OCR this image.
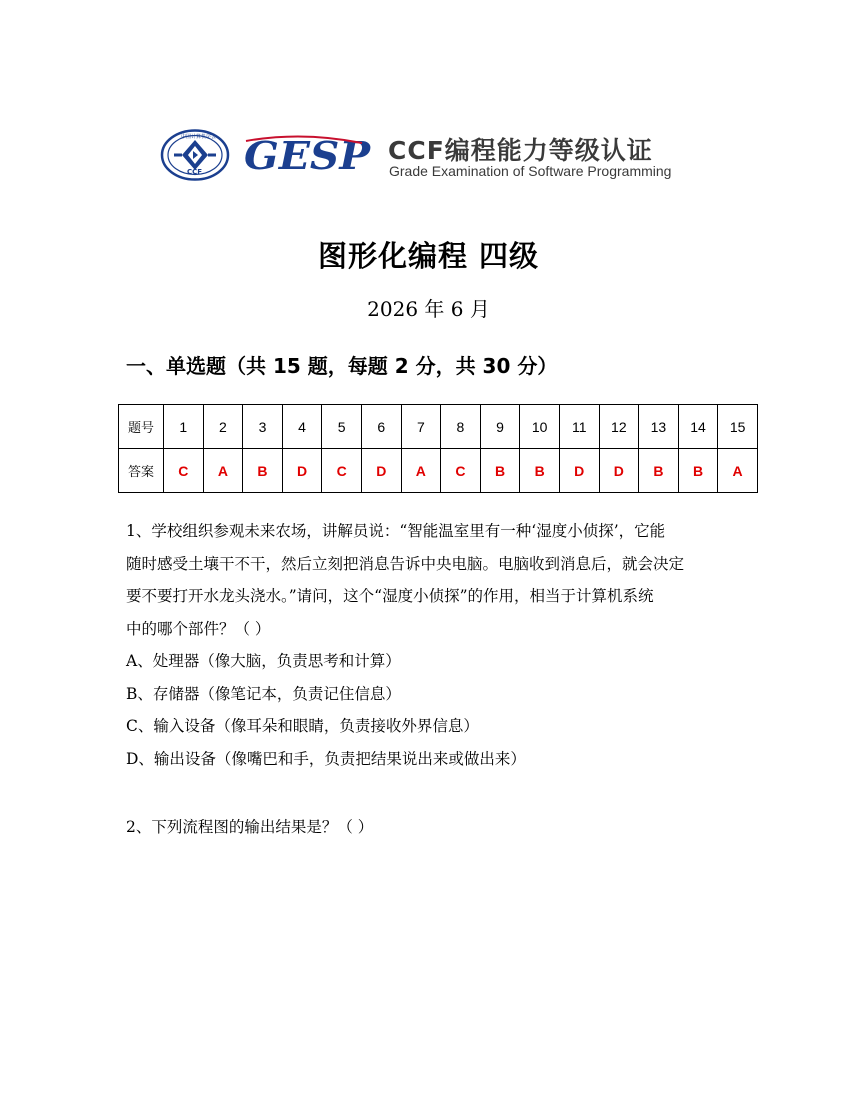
中国计算机学会
CCF GESP CCF编程能力等级认证
Grade Examination of Software Programming
图形化编程 四级
2026 年 6 月
一、单选题（共 15 题，每题 2 分，共 30 分）
题号	1	2	3	4	5	6	7	8	9	10	11	12	13	14	15
答案	C	A	B	D	C	D	A	C	B	B	D	D	B	B	A
1、学校组织参观未来农场，讲解员说：“智能温室里有一种‘湿度小侦探’，它能
随时感受土壤干不干，然后立刻把消息告诉中央电脑。电脑收到消息后，就会决定
要不要打开水龙头浇水。”请问，这个“湿度小侦探”的作用，相当于计算机系统
中的哪个部件？（ ）
A、处理器（像大脑，负责思考和计算）
B、存储器（像笔记本，负责记住信息）
C、输入设备（像耳朵和眼睛，负责接收外界信息）
D、输出设备（像嘴巴和手，负责把结果说出来或做出来）
2、下列流程图的输出结果是？（ ）
